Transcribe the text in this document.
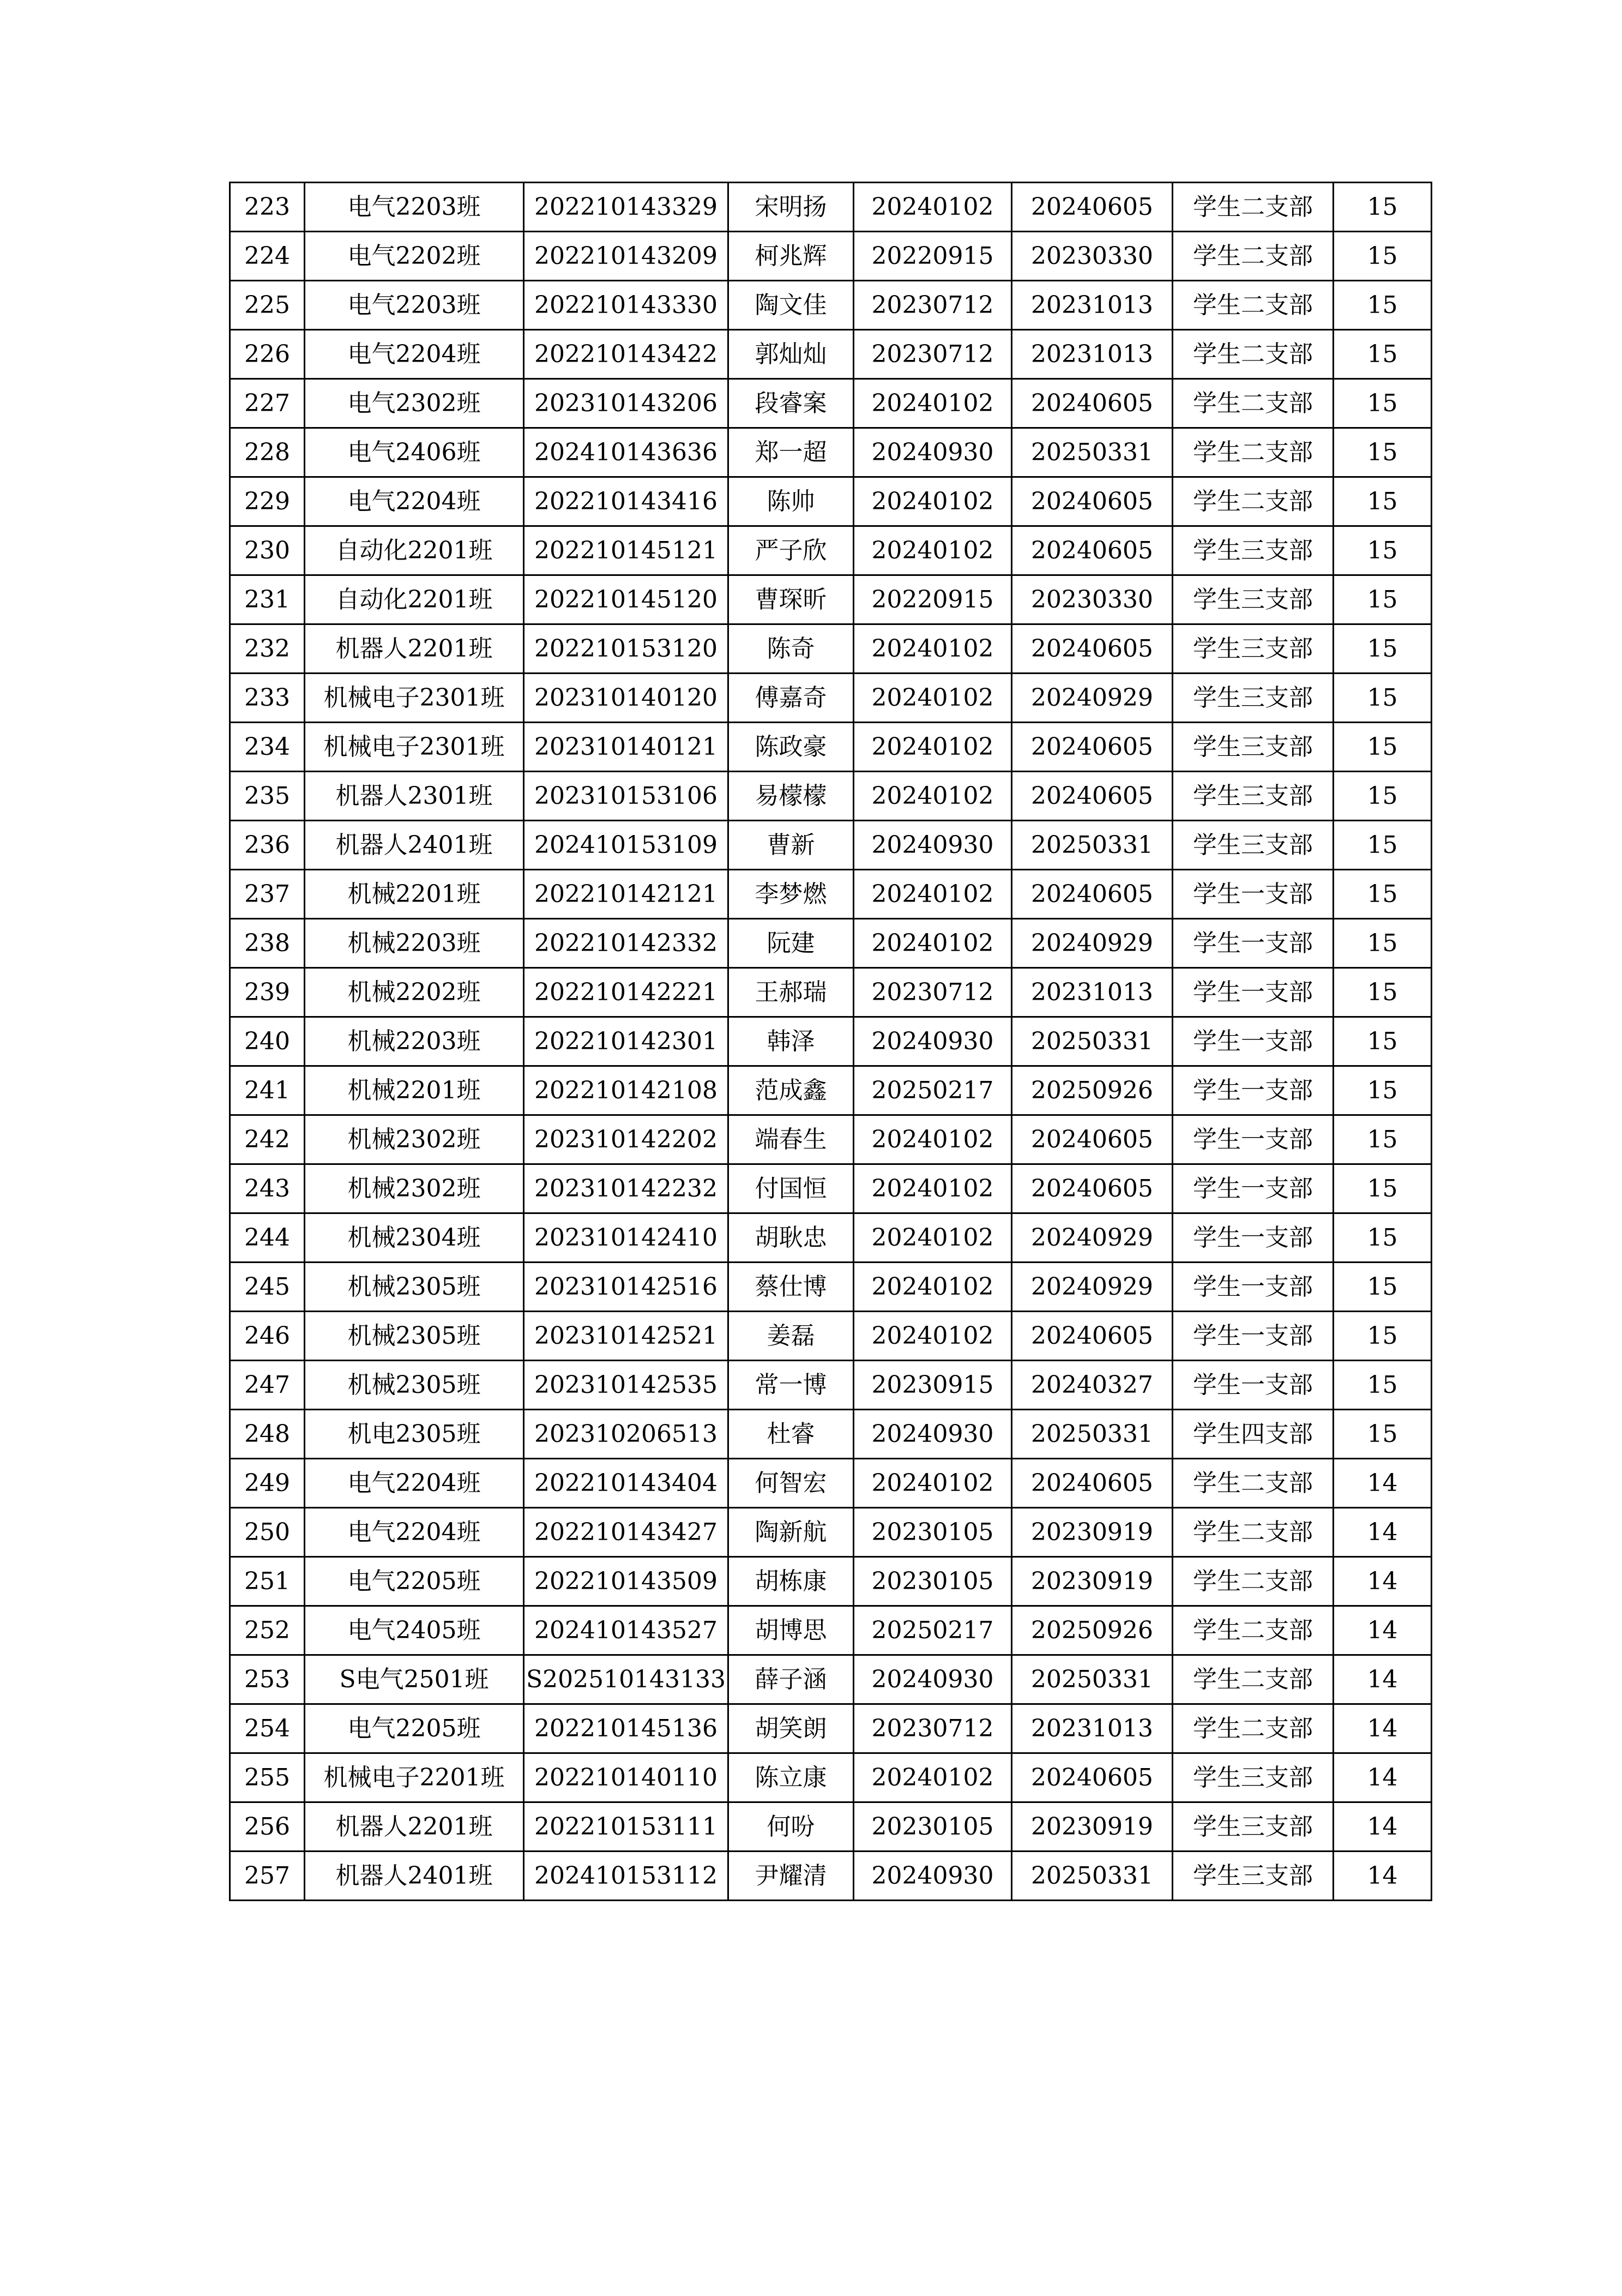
223	电气2203班	202210143329	宋明扬	20240102	20240605	学生二支部	15
224	电气2202班	202210143209	柯兆辉	20220915	20230330	学生二支部	15
225	电气2203班	202210143330	陶文佳	20230712	20231013	学生二支部	15
226	电气2204班	202210143422	郭灿灿	20230712	20231013	学生二支部	15
227	电气2302班	202310143206	段睿案	20240102	20240605	学生二支部	15
228	电气2406班	202410143636	郑一超	20240930	20250331	学生二支部	15
229	电气2204班	202210143416	陈帅	20240102	20240605	学生二支部	15
230	自动化2201班	202210145121	严子欣	20240102	20240605	学生三支部	15
231	自动化2201班	202210145120	曹琛昕	20220915	20230330	学生三支部	15
232	机器人2201班	202210153120	陈奇	20240102	20240605	学生三支部	15
233	机械电子2301班	202310140120	傅嘉奇	20240102	20240929	学生三支部	15
234	机械电子2301班	202310140121	陈政豪	20240102	20240605	学生三支部	15
235	机器人2301班	202310153106	易檬檬	20240102	20240605	学生三支部	15
236	机器人2401班	202410153109	曹新	20240930	20250331	学生三支部	15
237	机械2201班	202210142121	李梦燃	20240102	20240605	学生一支部	15
238	机械2203班	202210142332	阮建	20240102	20240929	学生一支部	15
239	机械2202班	202210142221	王郝瑞	20230712	20231013	学生一支部	15
240	机械2203班	202210142301	韩泽	20240930	20250331	学生一支部	15
241	机械2201班	202210142108	范成鑫	20250217	20250926	学生一支部	15
242	机械2302班	202310142202	端春生	20240102	20240605	学生一支部	15
243	机械2302班	202310142232	付国恒	20240102	20240605	学生一支部	15
244	机械2304班	202310142410	胡耿忠	20240102	20240929	学生一支部	15
245	机械2305班	202310142516	蔡仕博	20240102	20240929	学生一支部	15
246	机械2305班	202310142521	姜磊	20240102	20240605	学生一支部	15
247	机械2305班	202310142535	常一博	20230915	20240327	学生一支部	15
248	机电2305班	202310206513	杜睿	20240930	20250331	学生四支部	15
249	电气2204班	202210143404	何智宏	20240102	20240605	学生二支部	14
250	电气2204班	202210143427	陶新航	20230105	20230919	学生二支部	14
251	电气2205班	202210143509	胡栋康	20230105	20230919	学生二支部	14
252	电气2405班	202410143527	胡博思	20250217	20250926	学生二支部	14
253	S电气2501班	S202510143133	薛子涵	20240930	20250331	学生二支部	14
254	电气2205班	202210145136	胡笑朗	20230712	20231013	学生二支部	14
255	机械电子2201班	202210140110	陈立康	20240102	20240605	学生三支部	14
256	机器人2201班	202210153111	何吩	20230105	20230919	学生三支部	14
257	机器人2401班	202410153112	尹耀清	20240930	20250331	学生三支部	14
